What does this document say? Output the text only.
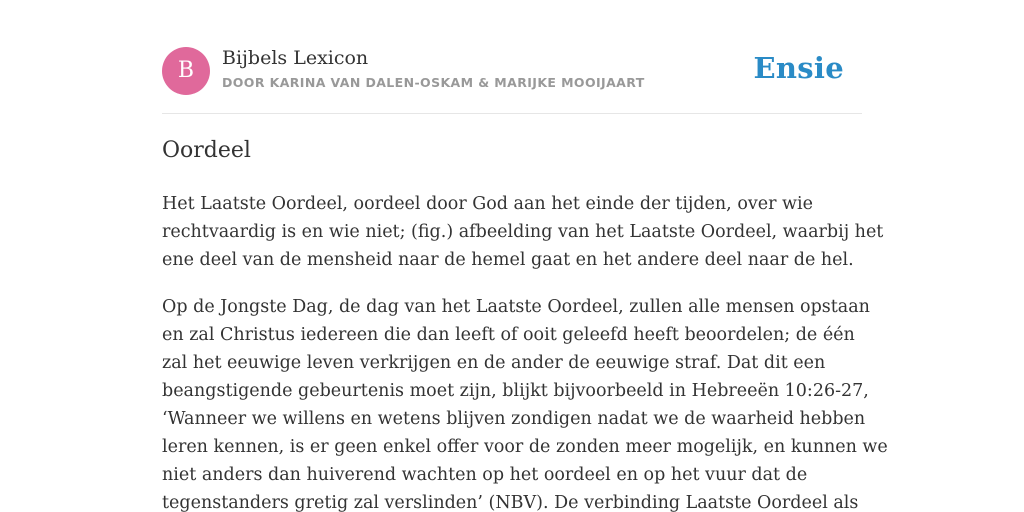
B	Bijbels Lexicon
DOOR KARINA VAN DALEN-OSKAM & MARIJKE MOOIJAART	Ensie
Oordeel

Het Laatste Oordeel, oordeel door God aan het einde der tijden, over wie
rechtvaardig is en wie niet; (fig.) afbeelding van het Laatste Oordeel, waarbij het
ene deel van de mensheid naar de hemel gaat en het andere deel naar de hel.

Op de Jongste Dag, de dag van het Laatste Oordeel, zullen alle mensen opstaan
en zal Christus iedereen die dan leeft of ooit geleefd heeft beoordelen; de één
zal het eeuwige leven verkrijgen en de ander de eeuwige straf. Dat dit een
beangstigende gebeurtenis moet zijn, blijkt bijvoorbeeld in Hebreeën 10:26-27,
‘Wanneer we willens en wetens blijven zondigen nadat we de waarheid hebben
leren kennen, is er geen enkel offer voor de zonden meer mogelijk, en kunnen we
niet anders dan huiverend wachten op het oordeel en op het vuur dat de
tegenstanders gretig zal verslinden’ (NBV). De verbinding Laatste Oordeel als
